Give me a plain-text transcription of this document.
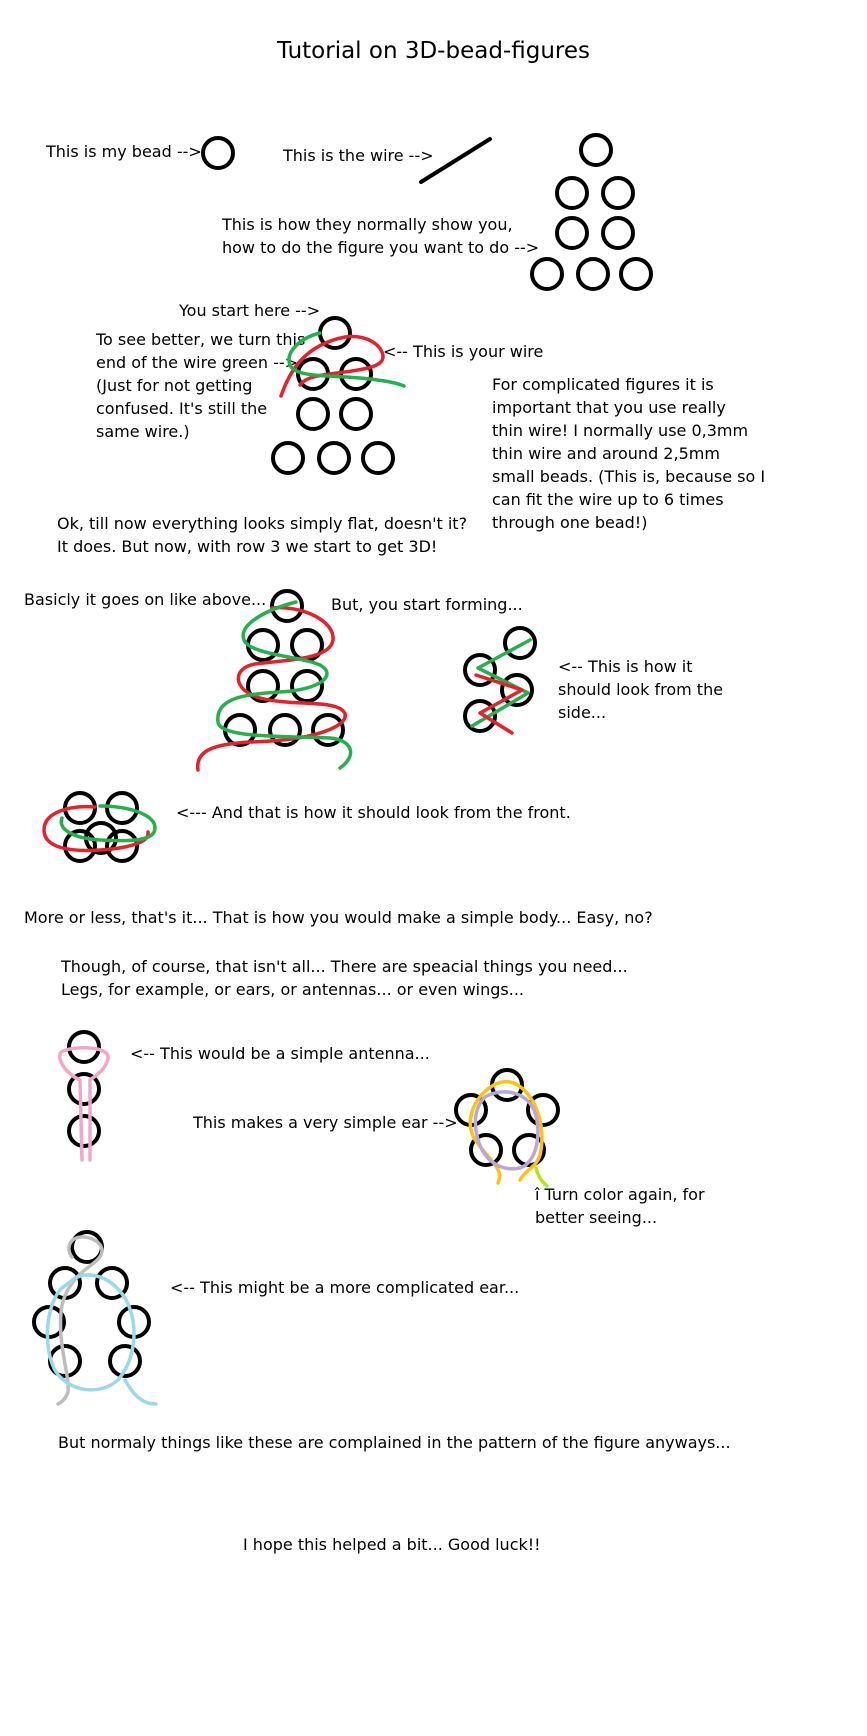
Tutorial on 3D-bead-figures
This is my bead -->	This is the wire -->
This is how they normally show you,
how to do the figure you want to do -->
You start here -->
To see better, we turn this
end of the wire green -->
(Just for not getting
confused. It's still the
same wire.)
<-- This is your wire
For complicated figures it is
important that you use really
thin wire! I normally use 0,3mm
thin wire and around 2,5mm
small beads. (This is, because so I
can fit the wire up to 6 times
through one bead!)
Ok, till now everything looks simply flat, doesn't it?
It does. But now, with row 3 we start to get 3D!
Basicly it goes on like above...	But, you start forming...
<-- This is how it
should look from the
side...
<--- And that is how it should look from the front.
More or less, that's it... That is how you would make a simple body... Easy, no?
Though, of course, that isn't all... There are speacial things you need...
Legs, for example, or ears, or antennas... or even wings...
<-- This would be a simple antenna...
This makes a very simple ear -->
î Turn color again, for
better seeing...
<-- This might be a more complicated ear...
But normaly things like these are complained in the pattern of the figure anyways...
I hope this helped a bit... Good luck!!
